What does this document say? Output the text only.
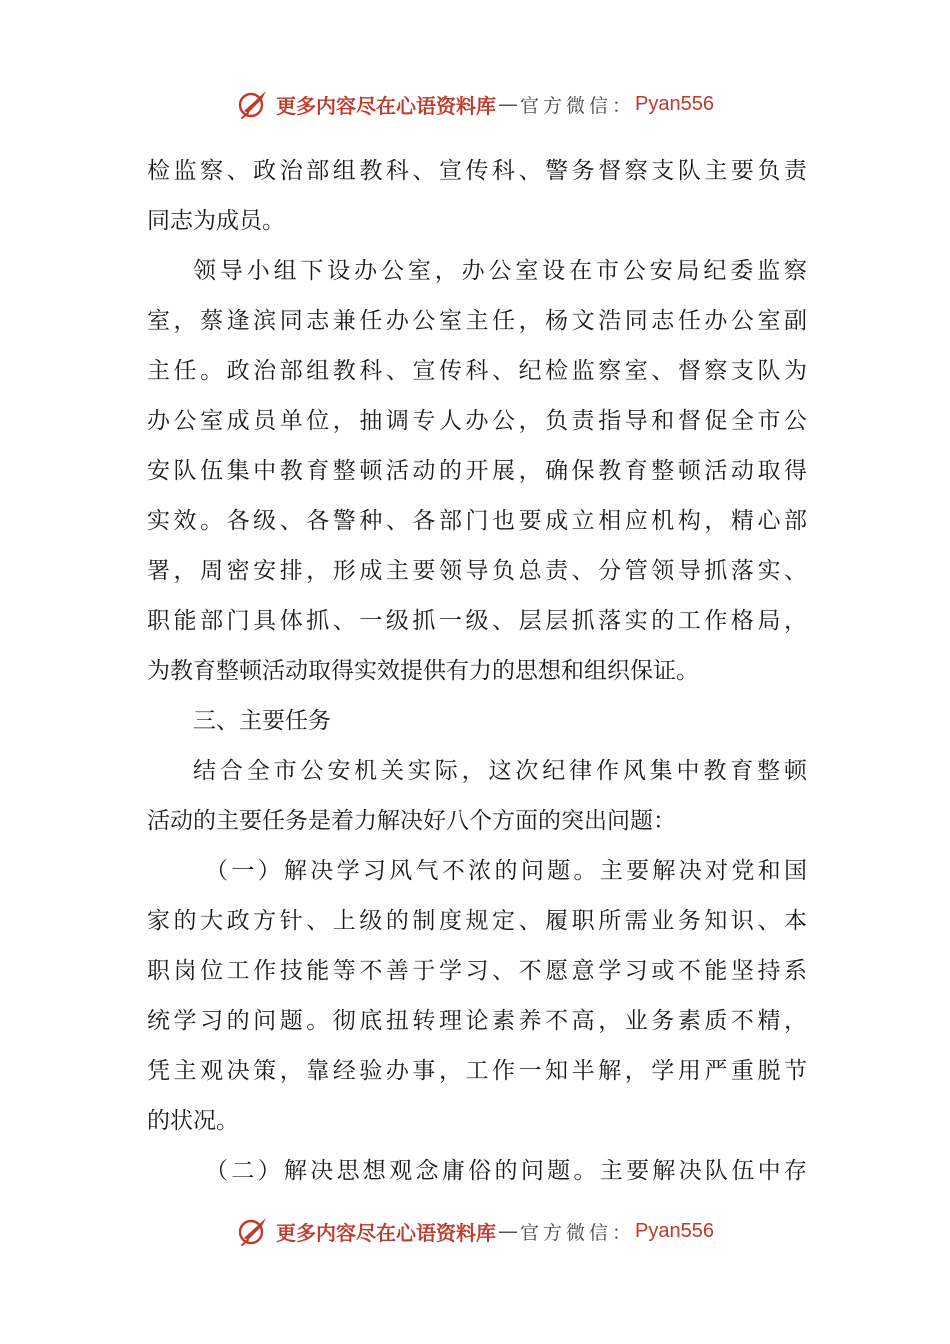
更多内容尽在心语资料库 — 官方微信： Pyan556
检监察、政治部组教科、宣传科、警务督察支队主要负责
同志为成员。
领导小组下设办公室，办公室设在市公安局纪委监察
室，蔡逢滨同志兼任办公室主任，杨文浩同志任办公室副
主任。政治部组教科、宣传科、纪检监察室、督察支队为
办公室成员单位，抽调专人办公，负责指导和督促全市公
安队伍集中教育整顿活动的开展，确保教育整顿活动取得
实效。各级、各警种、各部门也要成立相应机构，精心部
署，周密安排，形成主要领导负总责、分管领导抓落实、
职能部门具体抓、一级抓一级、层层抓落实的工作格局，
为教育整顿活动取得实效提供有力的思想和组织保证。
三、主要任务
结合全市公安机关实际，这次纪律作风集中教育整顿
活动的主要任务是着力解决好八个方面的突出问题：
（一）解决学习风气不浓的问题。主要解决对党和国
家的大政方针、上级的制度规定、履职所需业务知识、本
职岗位工作技能等不善于学习、不愿意学习或不能坚持系
统学习的问题。彻底扭转理论素养不高，业务素质不精，
凭主观决策，靠经验办事，工作一知半解，学用严重脱节
的状况。
（二）解决思想观念庸俗的问题。主要解决队伍中存
更多内容尽在心语资料库 — 官方微信： Pyan556
